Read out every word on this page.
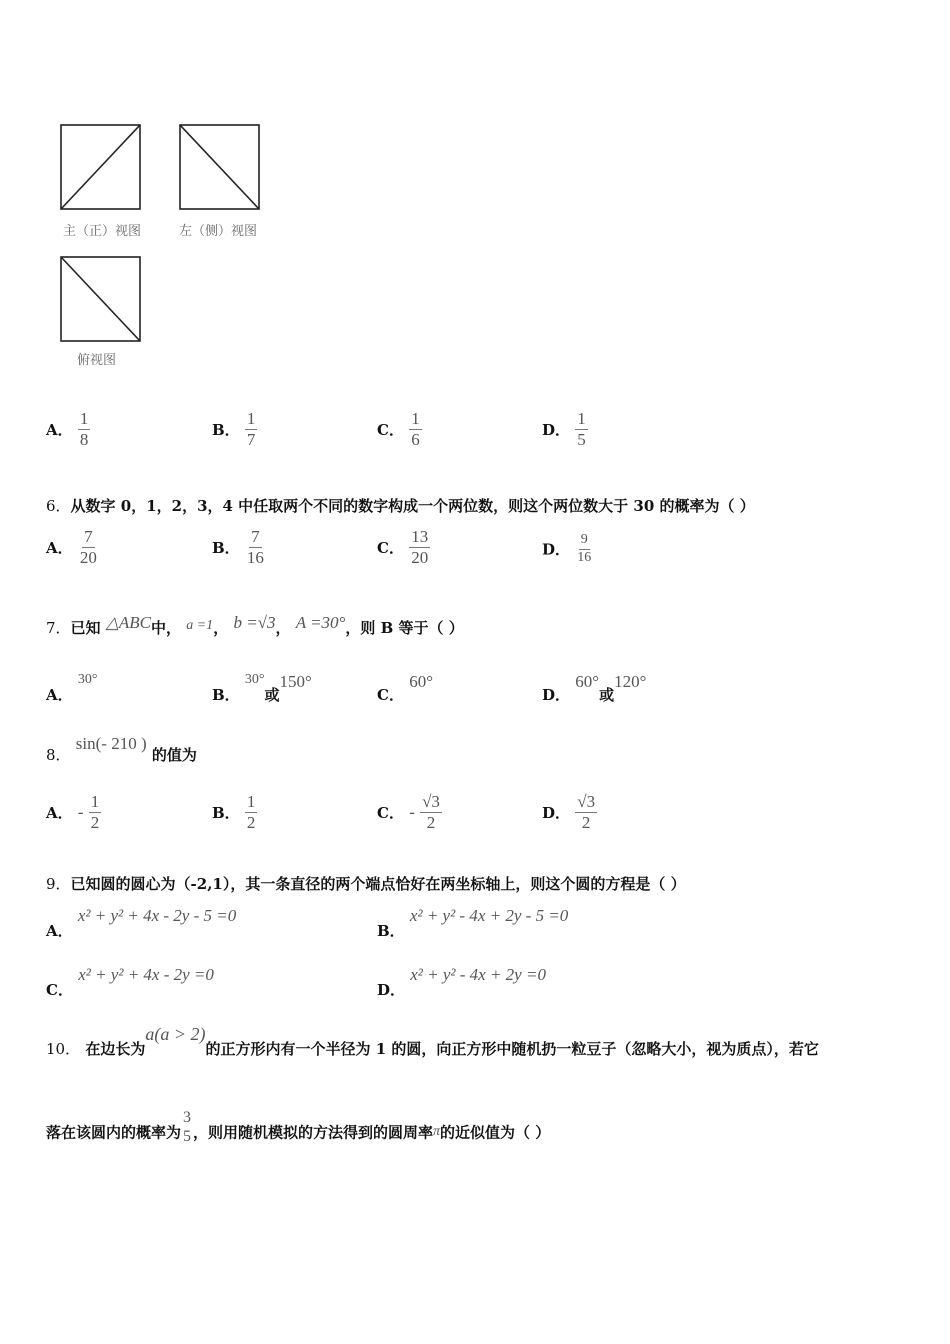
主（正）视图	左（侧）视图
俯视图
A． $\frac{1}{8}$	B． $\frac{1}{7}$	C． $\frac{1}{6}$	D． $\frac{1}{5}$
6．从数字 0，1，2，3，4 中任取两个不同的数字构成一个两位数，则这个两位数大于 30 的概率为（ ）
A． $\frac{7}{20}$	B． $\frac{7}{16}$	C． $\frac{13}{20}$	D． $\frac{9}{16}$
7．已知 △ABC中， a =1， b =√3， A =30°，则 B 等于（ ）
A． 30°
B． 30°或150°
C． 60°
D． 60°或120°
8． sin(- 210 ) 的值为
A． - $\frac{1}{2}$	B． $\frac{1}{2}$	C． - $\frac{√3}{2}$	D． $\frac{√3}{2}$
9．已知圆的圆心为（-2,1），其一条直径的两个端点恰好在两坐标轴上，则这个圆的方程是（ ）
A． x² + y² + 4x - 2y - 5 =0
B． x² + y² - 4x + 2y - 5 =0
C． x² + y² + 4x - 2y =0
D． x² + y² - 4x + 2y =0
10． 在边长为a(a > 2)的正方形内有一个半径为 1 的圆，向正方形中随机扔一粒豆子（忽略大小，视为质点），若它
落在该圆内的概率为
3
5 ，则用随机模拟的方法得到的圆周率π的近似值为（ ）
